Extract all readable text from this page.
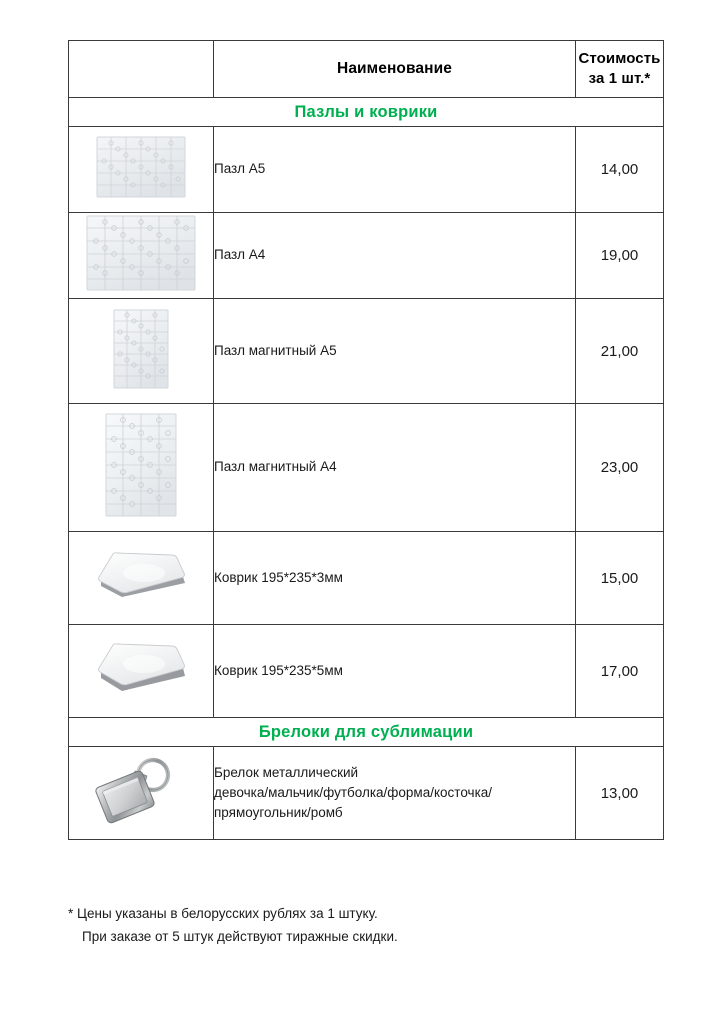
	Наименование	Стоимость
за 1 шт.*

Пазлы и коврики		
	Пазл А5	14,00
	Пазл А4	19,00
	Пазл магнитный А5	21,00
	Пазл магнитный А4	23,00
	Коврик 195*235*3мм	15,00
	Коврик 195*235*5мм	17,00
Брелоки для сублимации		
	Брелок металлический
девочка/мальчик/футболка/форма/косточка/
прямоугольник/ромб	13,00
* Цены указаны в белорусских рублях за 1 штуку.
При заказе от 5 штук действуют тиражные скидки.
